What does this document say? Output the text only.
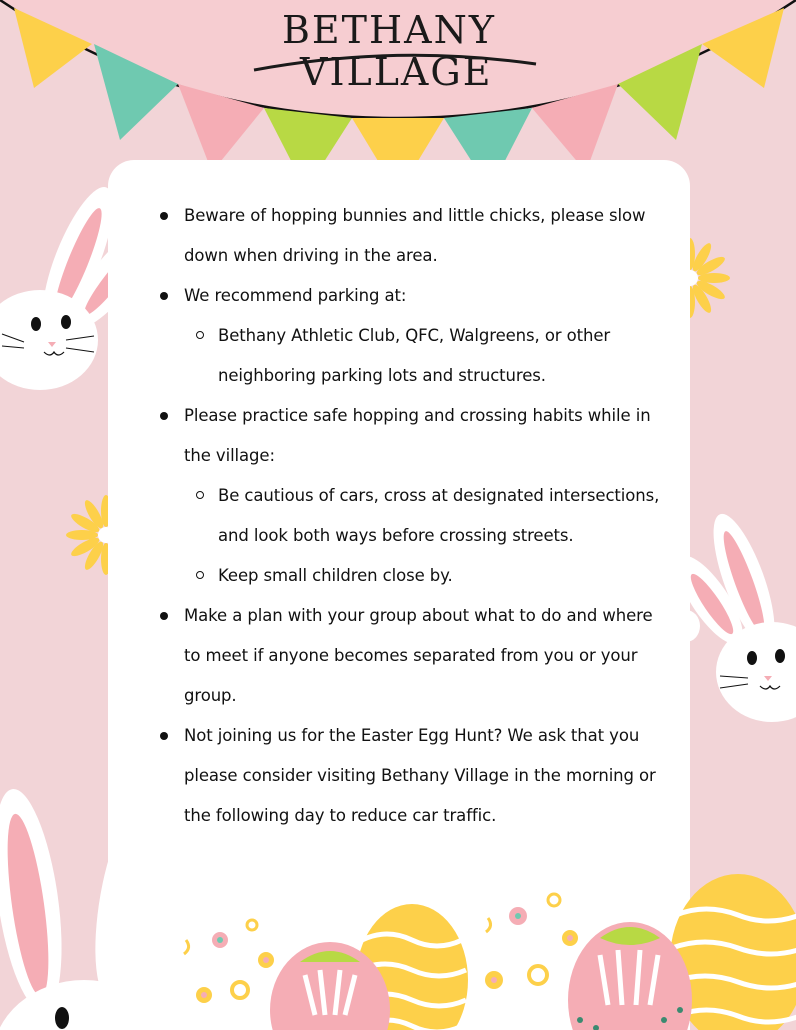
BETHANY
VILLAGE
Beware of hopping bunnies and little chicks, please slow down when driving in the area.
We recommend parking at:
Bethany Athletic Club, QFC, Walgreens, or other neighboring parking lots and structures.
Please practice safe hopping and crossing habits while in the village:
Be cautious of cars, cross at designated intersections, and look both ways before crossing streets.
Keep small children close by.
Make a plan with your group about what to do and where to meet if anyone becomes separated from you or your group.
Not joining us for the Easter Egg Hunt? We ask that you please consider visiting Bethany Village in the morning or the following day to reduce car traffic.
